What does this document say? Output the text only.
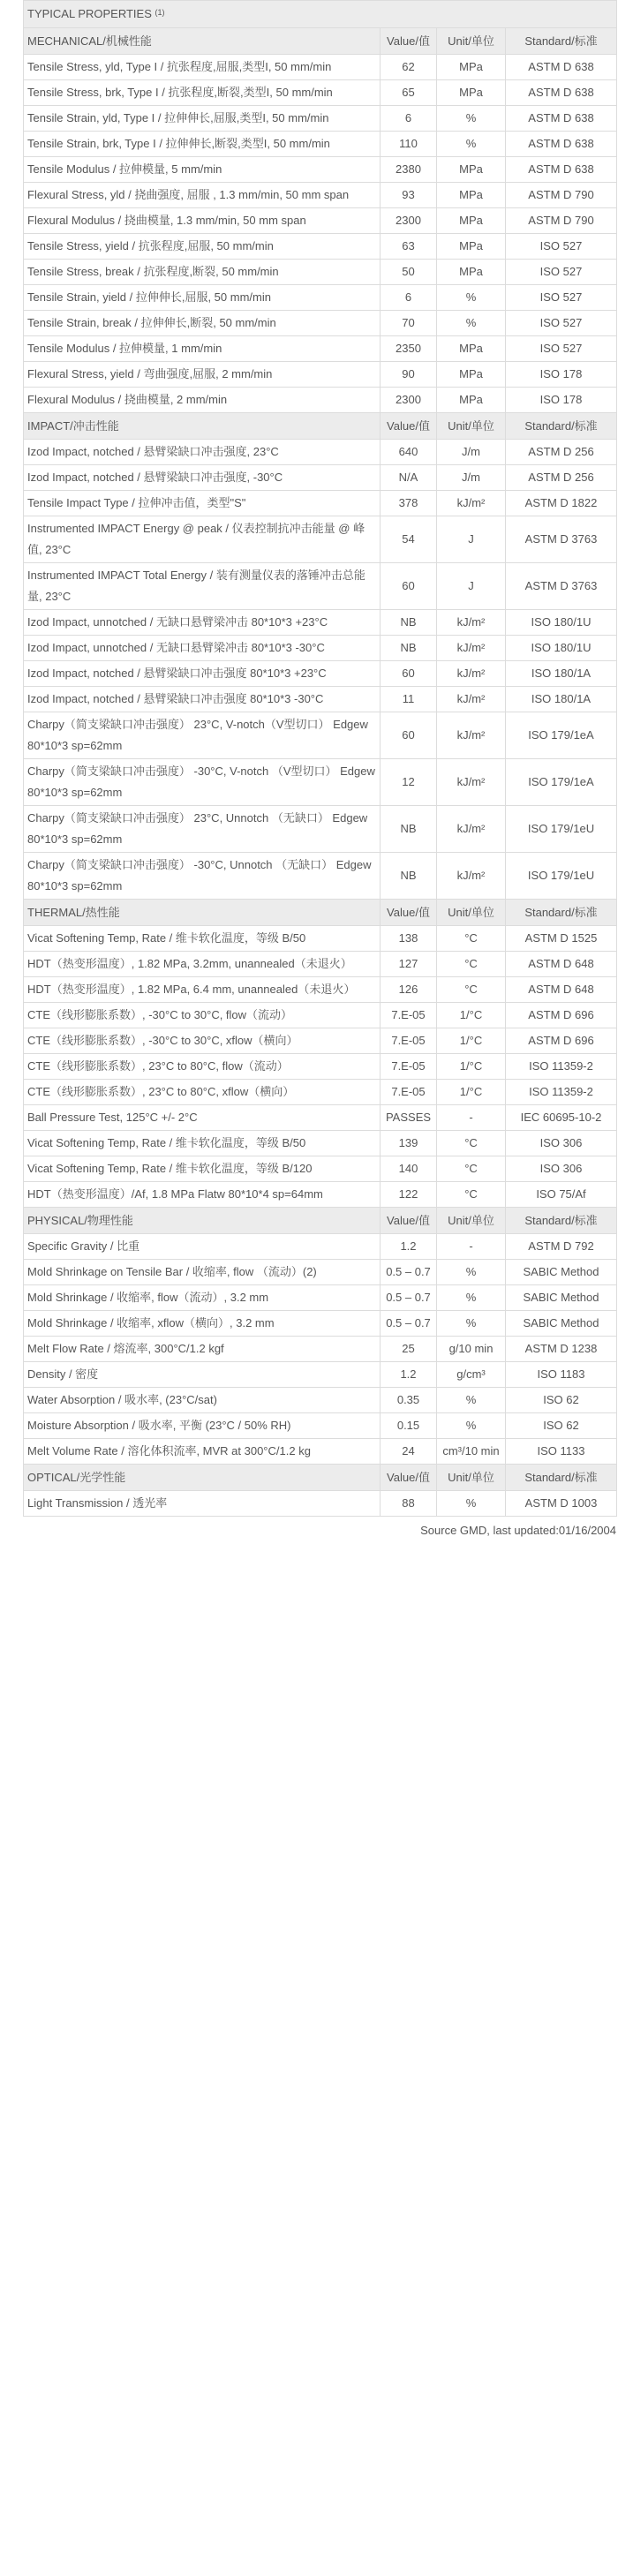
TYPICAL PROPERTIES $^{(1)}$
MECHANICAL/机械性能	Value/值	Unit/单位	Standard/标准
Tensile Stress, yld, Type I / 抗张程度,屈服,类型I, 50 mm/min	62	MPa	ASTM D 638
Tensile Stress, brk, Type I / 抗张程度,断裂,类型I, 50 mm/min	65	MPa	ASTM D 638
Tensile Strain, yld, Type I / 拉伸伸长,屈服,类型I, 50 mm/min	6	%	ASTM D 638
Tensile Strain, brk, Type I / 拉伸伸长,断裂,类型I, 50 mm/min	110	%	ASTM D 638
Tensile Modulus / 拉伸模量, 5 mm/min	2380	MPa	ASTM D 638
Flexural Stress, yld / 挠曲强度, 屈服 , 1.3 mm/min, 50 mm span	93	MPa	ASTM D 790
Flexural Modulus / 挠曲模量, 1.3 mm/min, 50 mm span	2300	MPa	ASTM D 790
Tensile Stress, yield / 抗张程度,屈服, 50 mm/min	63	MPa	ISO 527
Tensile Stress, break / 抗张程度,断裂, 50 mm/min	50	MPa	ISO 527
Tensile Strain, yield / 拉伸伸长,屈服, 50 mm/min	6	%	ISO 527
Tensile Strain, break / 拉伸伸长,断裂, 50 mm/min	70	%	ISO 527
Tensile Modulus / 拉伸模量, 1 mm/min	2350	MPa	ISO 527
Flexural Stress, yield / 弯曲强度,屈服, 2 mm/min	90	MPa	ISO 178
Flexural Modulus / 挠曲模量, 2 mm/min	2300	MPa	ISO 178
IMPACT/冲击性能	Value/值	Unit/单位	Standard/标准
Izod Impact, notched / 悬臂梁缺口冲击强度, 23°C	640	J/m	ASTM D 256
Izod Impact, notched / 悬臂梁缺口冲击强度, -30°C	N/A	J/m	ASTM D 256
Tensile Impact Type / 拉伸冲击值，类型"S"	378	kJ/m²	ASTM D 1822
Instrumented IMPACT Energy @ peak / 仪表控制抗冲击能量 @ 峰值, 23°C	54	J	ASTM D 3763
Instrumented IMPACT Total Energy / 装有测量仪表的落锤冲击总能量, 23°C	60	J	ASTM D 3763
Izod Impact, unnotched / 无缺口悬臂梁冲击 80*10*3 +23°C	NB	kJ/m²	ISO 180/1U
Izod Impact, unnotched / 无缺口悬臂梁冲击 80*10*3 -30°C	NB	kJ/m²	ISO 180/1U
Izod Impact, notched / 悬臂梁缺口冲击强度 80*10*3 +23°C	60	kJ/m²	ISO 180/1A
Izod Impact, notched / 悬臂梁缺口冲击强度 80*10*3 -30°C	11	kJ/m²	ISO 180/1A
Charpy（简支梁缺口冲击强度） 23°C, V-notch（V型切口） Edgew 80*10*3 sp=62mm	60	kJ/m²	ISO 179/1eA
Charpy（简支梁缺口冲击强度） -30°C, V-notch （V型切口） Edgew 80*10*3 sp=62mm	12	kJ/m²	ISO 179/1eA
Charpy（简支梁缺口冲击强度） 23°C, Unnotch （无缺口） Edgew 80*10*3 sp=62mm	NB	kJ/m²	ISO 179/1eU
Charpy（简支梁缺口冲击强度） -30°C, Unnotch （无缺口） Edgew 80*10*3 sp=62mm	NB	kJ/m²	ISO 179/1eU
THERMAL/热性能	Value/值	Unit/单位	Standard/标准
Vicat Softening Temp, Rate / 维卡软化温度，等级 B/50	138	°C	ASTM D 1525
HDT（热变形温度）, 1.82 MPa, 3.2mm, unannealed（未退火）	127	°C	ASTM D 648
HDT（热变形温度）, 1.82 MPa, 6.4 mm, unannealed（未退火）	126	°C	ASTM D 648
CTE（线形膨胀系数）, -30°C to 30°C, flow（流动）	7.E-05	1/°C	ASTM D 696
CTE（线形膨胀系数）, -30°C to 30°C, xflow（横向）	7.E-05	1/°C	ASTM D 696
CTE（线形膨胀系数）, 23°C to 80°C, flow（流动）	7.E-05	1/°C	ISO 11359-2
CTE（线形膨胀系数）, 23°C to 80°C, xflow（横向）	7.E-05	1/°C	ISO 11359-2
Ball Pressure Test, 125°C +/- 2°C	PASSES	-	IEC 60695-10-2
Vicat Softening Temp, Rate / 维卡软化温度，等级 B/50	139	°C	ISO 306
Vicat Softening Temp, Rate / 维卡软化温度，等级 B/120	140	°C	ISO 306
HDT（热变形温度）/Af, 1.8 MPa Flatw 80*10*4 sp=64mm	122	°C	ISO 75/Af
PHYSICAL/物理性能	Value/值	Unit/单位	Standard/标准
Specific Gravity / 比重	1.2	-	ASTM D 792
Mold Shrinkage on Tensile Bar / 收缩率, flow （流动）(2)	0.5 – 0.7	%	SABIC Method
Mold Shrinkage / 收缩率, flow（流动）, 3.2 mm	0.5 – 0.7	%	SABIC Method
Mold Shrinkage / 收缩率, xflow（横向）, 3.2 mm	0.5 – 0.7	%	SABIC Method
Melt Flow Rate / 熔流率, 300°C/1.2 kgf	25	g/10 min	ASTM D 1238
Density / 密度	1.2	g/cm³	ISO 1183
Water Absorption / 吸水率, (23°C/sat)	0.35	%	ISO 62
Moisture Absorption / 吸水率, 平衡 (23°C / 50% RH)	0.15	%	ISO 62
Melt Volume Rate / 溶化体积流率, MVR at 300°C/1.2 kg	24	cm³/10 min	ISO 1133
OPTICAL/光学性能	Value/值	Unit/单位	Standard/标准
Light Transmission / 透光率	88	%	ASTM D 1003
Source GMD, last updated:01/16/2004
